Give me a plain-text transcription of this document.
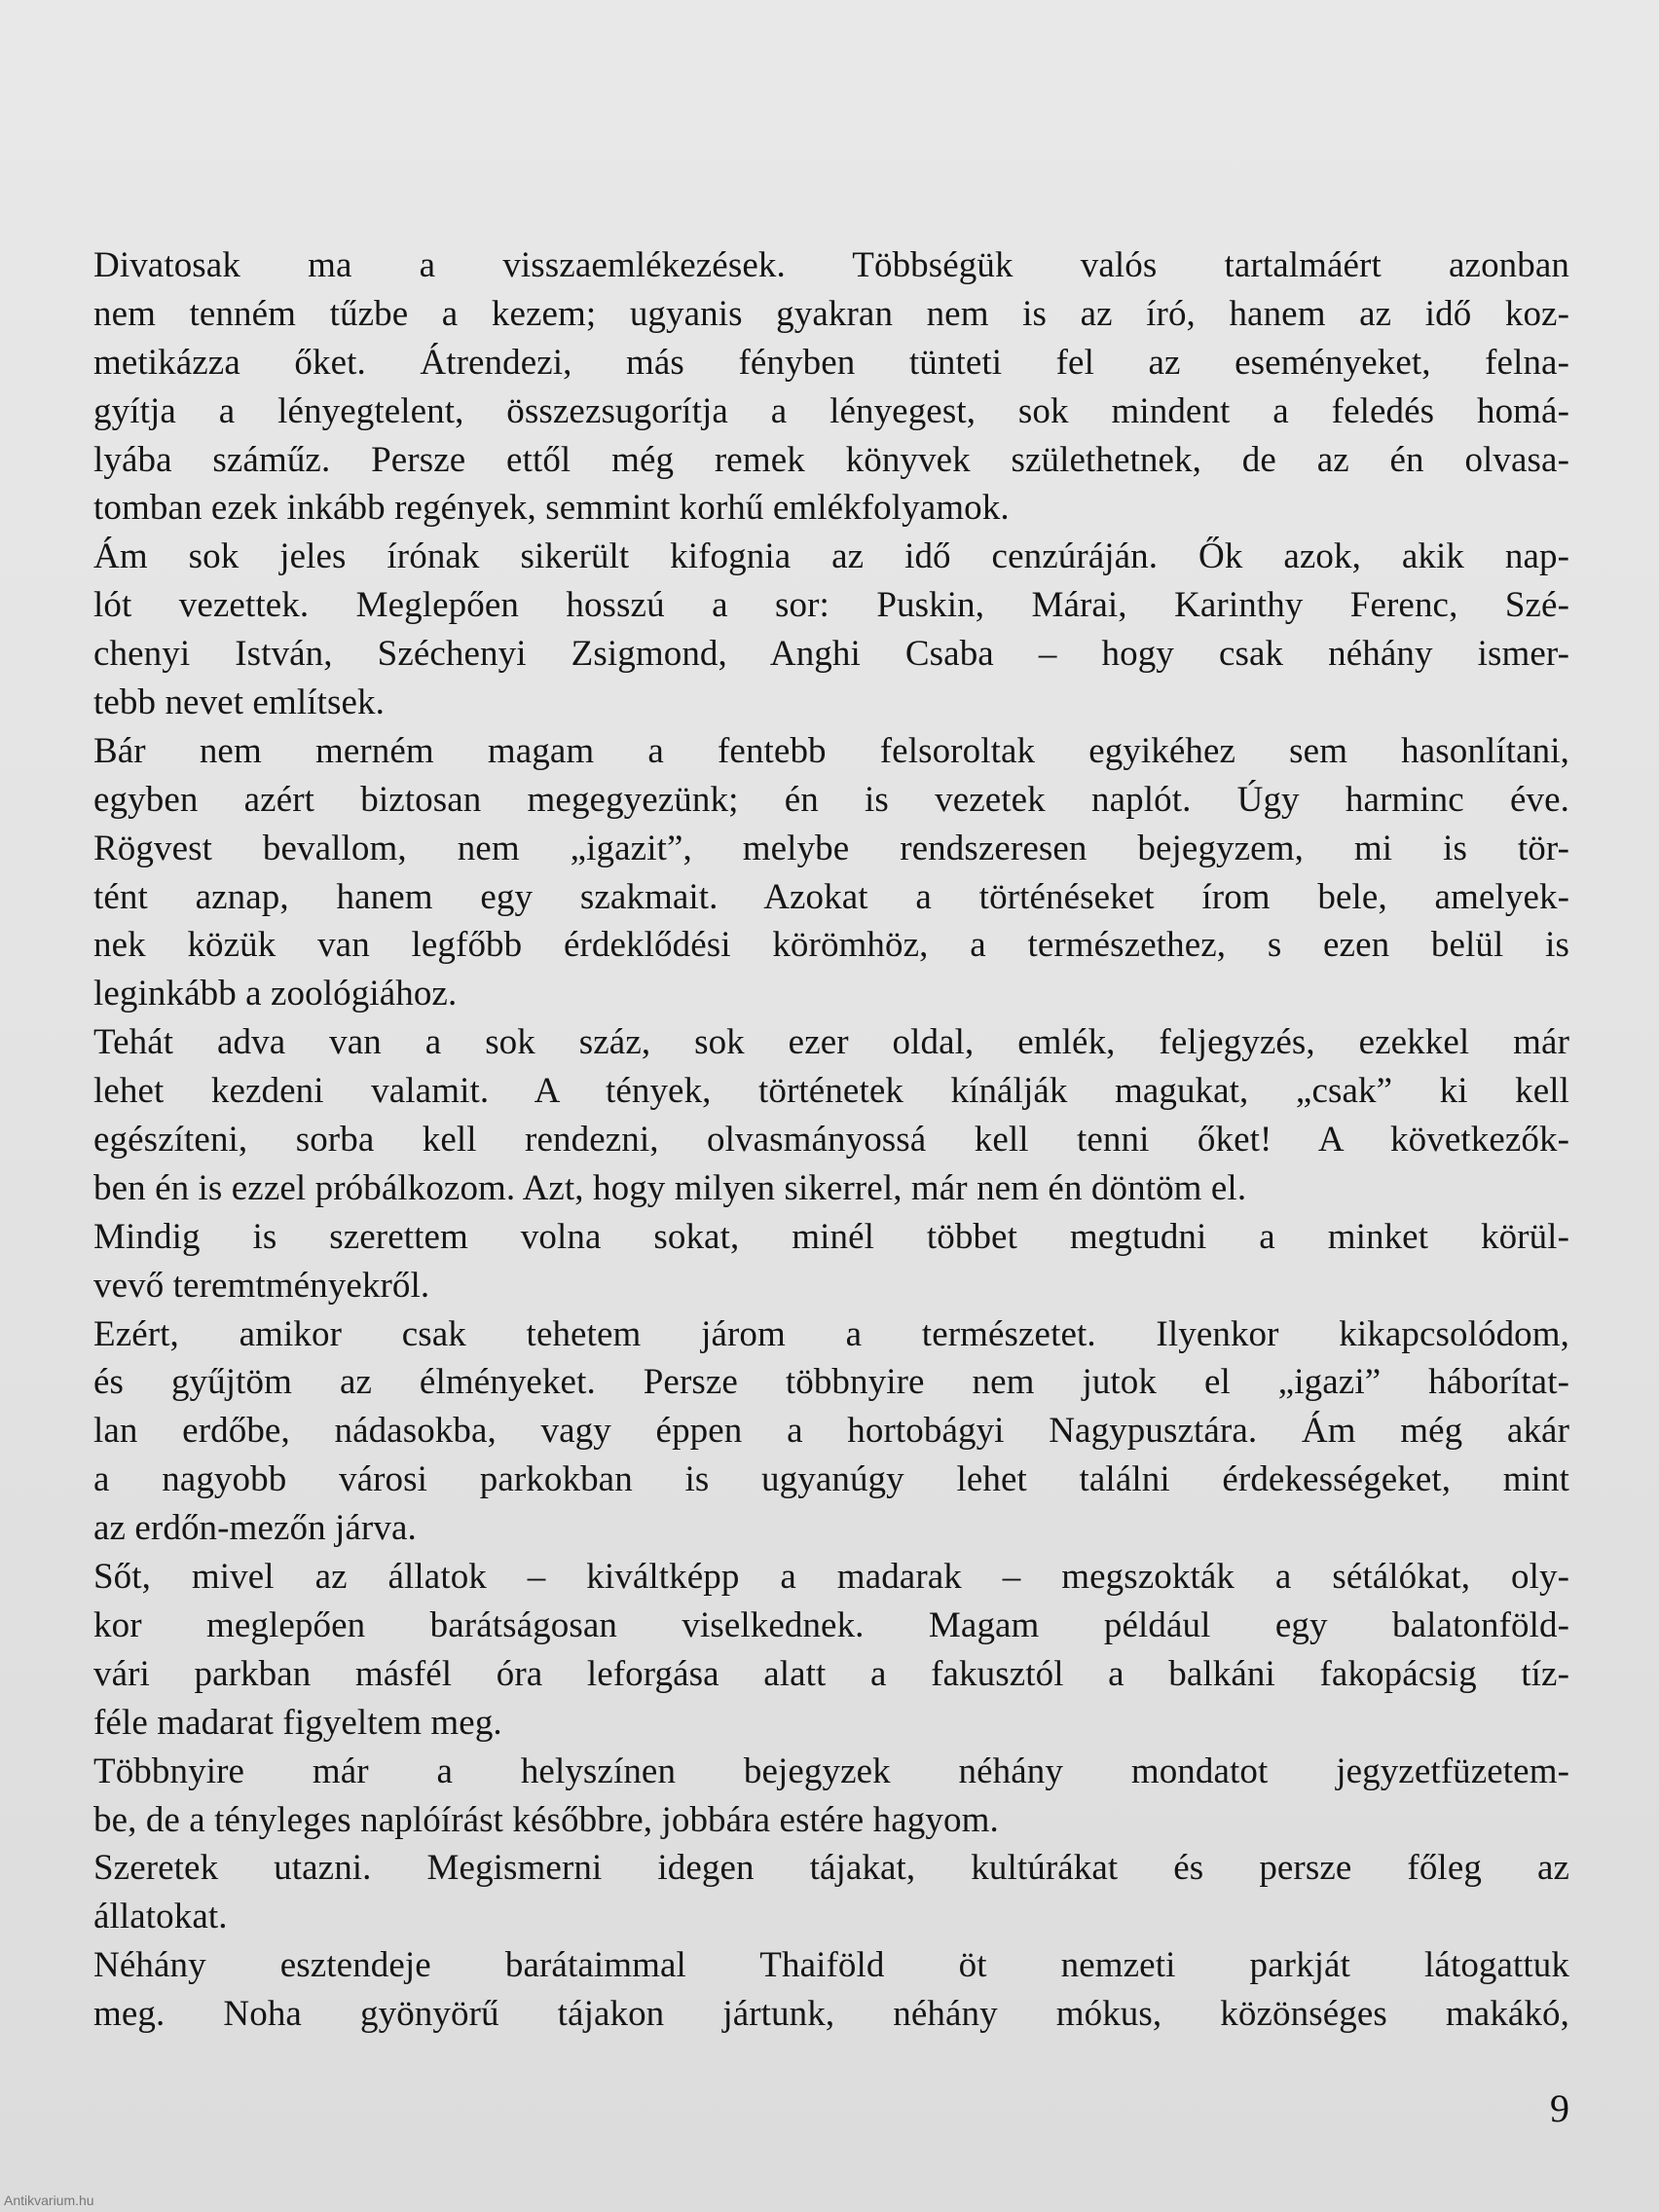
Divatosak ma a visszaemlékezések. Többségük valós tartalmáért azonban
nem tenném tűzbe a kezem; ugyanis gyakran nem is az író, hanem az idő koz-
metikázza őket. Átrendezi, más fényben tünteti fel az eseményeket, felna-
gyítja a lényegtelent, összezsugorítja a lényegest, sok mindent a feledés homá-
lyába száműz. Persze ettől még remek könyvek születhetnek, de az én olvasa-
tomban ezek inkább regények, semmint korhű emlékfolyamok.
Ám sok jeles írónak sikerült kifognia az idő cenzúráján. Ők azok, akik nap-
lót vezettek. Meglepően hosszú a sor: Puskin, Márai, Karinthy Ferenc, Szé-
chenyi István, Széchenyi Zsigmond, Anghi Csaba – hogy csak néhány ismer-
tebb nevet említsek.
Bár nem merném magam a fentebb felsoroltak egyikéhez sem hasonlítani,
egyben azért biztosan megegyezünk; én is vezetek naplót. Úgy harminc éve.
Rögvest bevallom, nem „igazit”, melybe rendszeresen bejegyzem, mi is tör-
tént aznap, hanem egy szakmait. Azokat a történéseket írom bele, amelyek-
nek közük van legfőbb érdeklődési körömhöz, a természethez, s ezen belül is
leginkább a zoológiához.
Tehát adva van a sok száz, sok ezer oldal, emlék, feljegyzés, ezekkel már
lehet kezdeni valamit. A tények, történetek kínálják magukat, „csak” ki kell
egészíteni, sorba kell rendezni, olvasmányossá kell tenni őket! A következők-
ben én is ezzel próbálkozom. Azt, hogy milyen sikerrel, már nem én döntöm el.
Mindig is szerettem volna sokat, minél többet megtudni a minket körül-
vevő teremtményekről.
Ezért, amikor csak tehetem járom a természetet. Ilyenkor kikapcsolódom,
és gyűjtöm az élményeket. Persze többnyire nem jutok el „igazi” háborítat-
lan erdőbe, nádasokba, vagy éppen a hortobágyi Nagypusztára. Ám még akár
a nagyobb városi parkokban is ugyanúgy lehet találni érdekességeket, mint
az erdőn-mezőn járva.
Sőt, mivel az állatok – kiváltképp a madarak – megszokták a sétálókat, oly-
kor meglepően barátságosan viselkednek. Magam például egy balatonföld-
vári parkban másfél óra leforgása alatt a fakusztól a balkáni fakopácsig tíz-
féle madarat figyeltem meg.
Többnyire már a helyszínen bejegyzek néhány mondatot jegyzetfüzetem-
be, de a tényleges naplóírást későbbre, jobbára estére hagyom.
Szeretek utazni. Megismerni idegen tájakat, kultúrákat és persze főleg az
állatokat.
Néhány esztendeje barátaimmal Thaiföld öt nemzeti parkját látogattuk
meg. Noha gyönyörű tájakon jártunk, néhány mókus, közönséges makákó,
9
Antikvarium.hu
